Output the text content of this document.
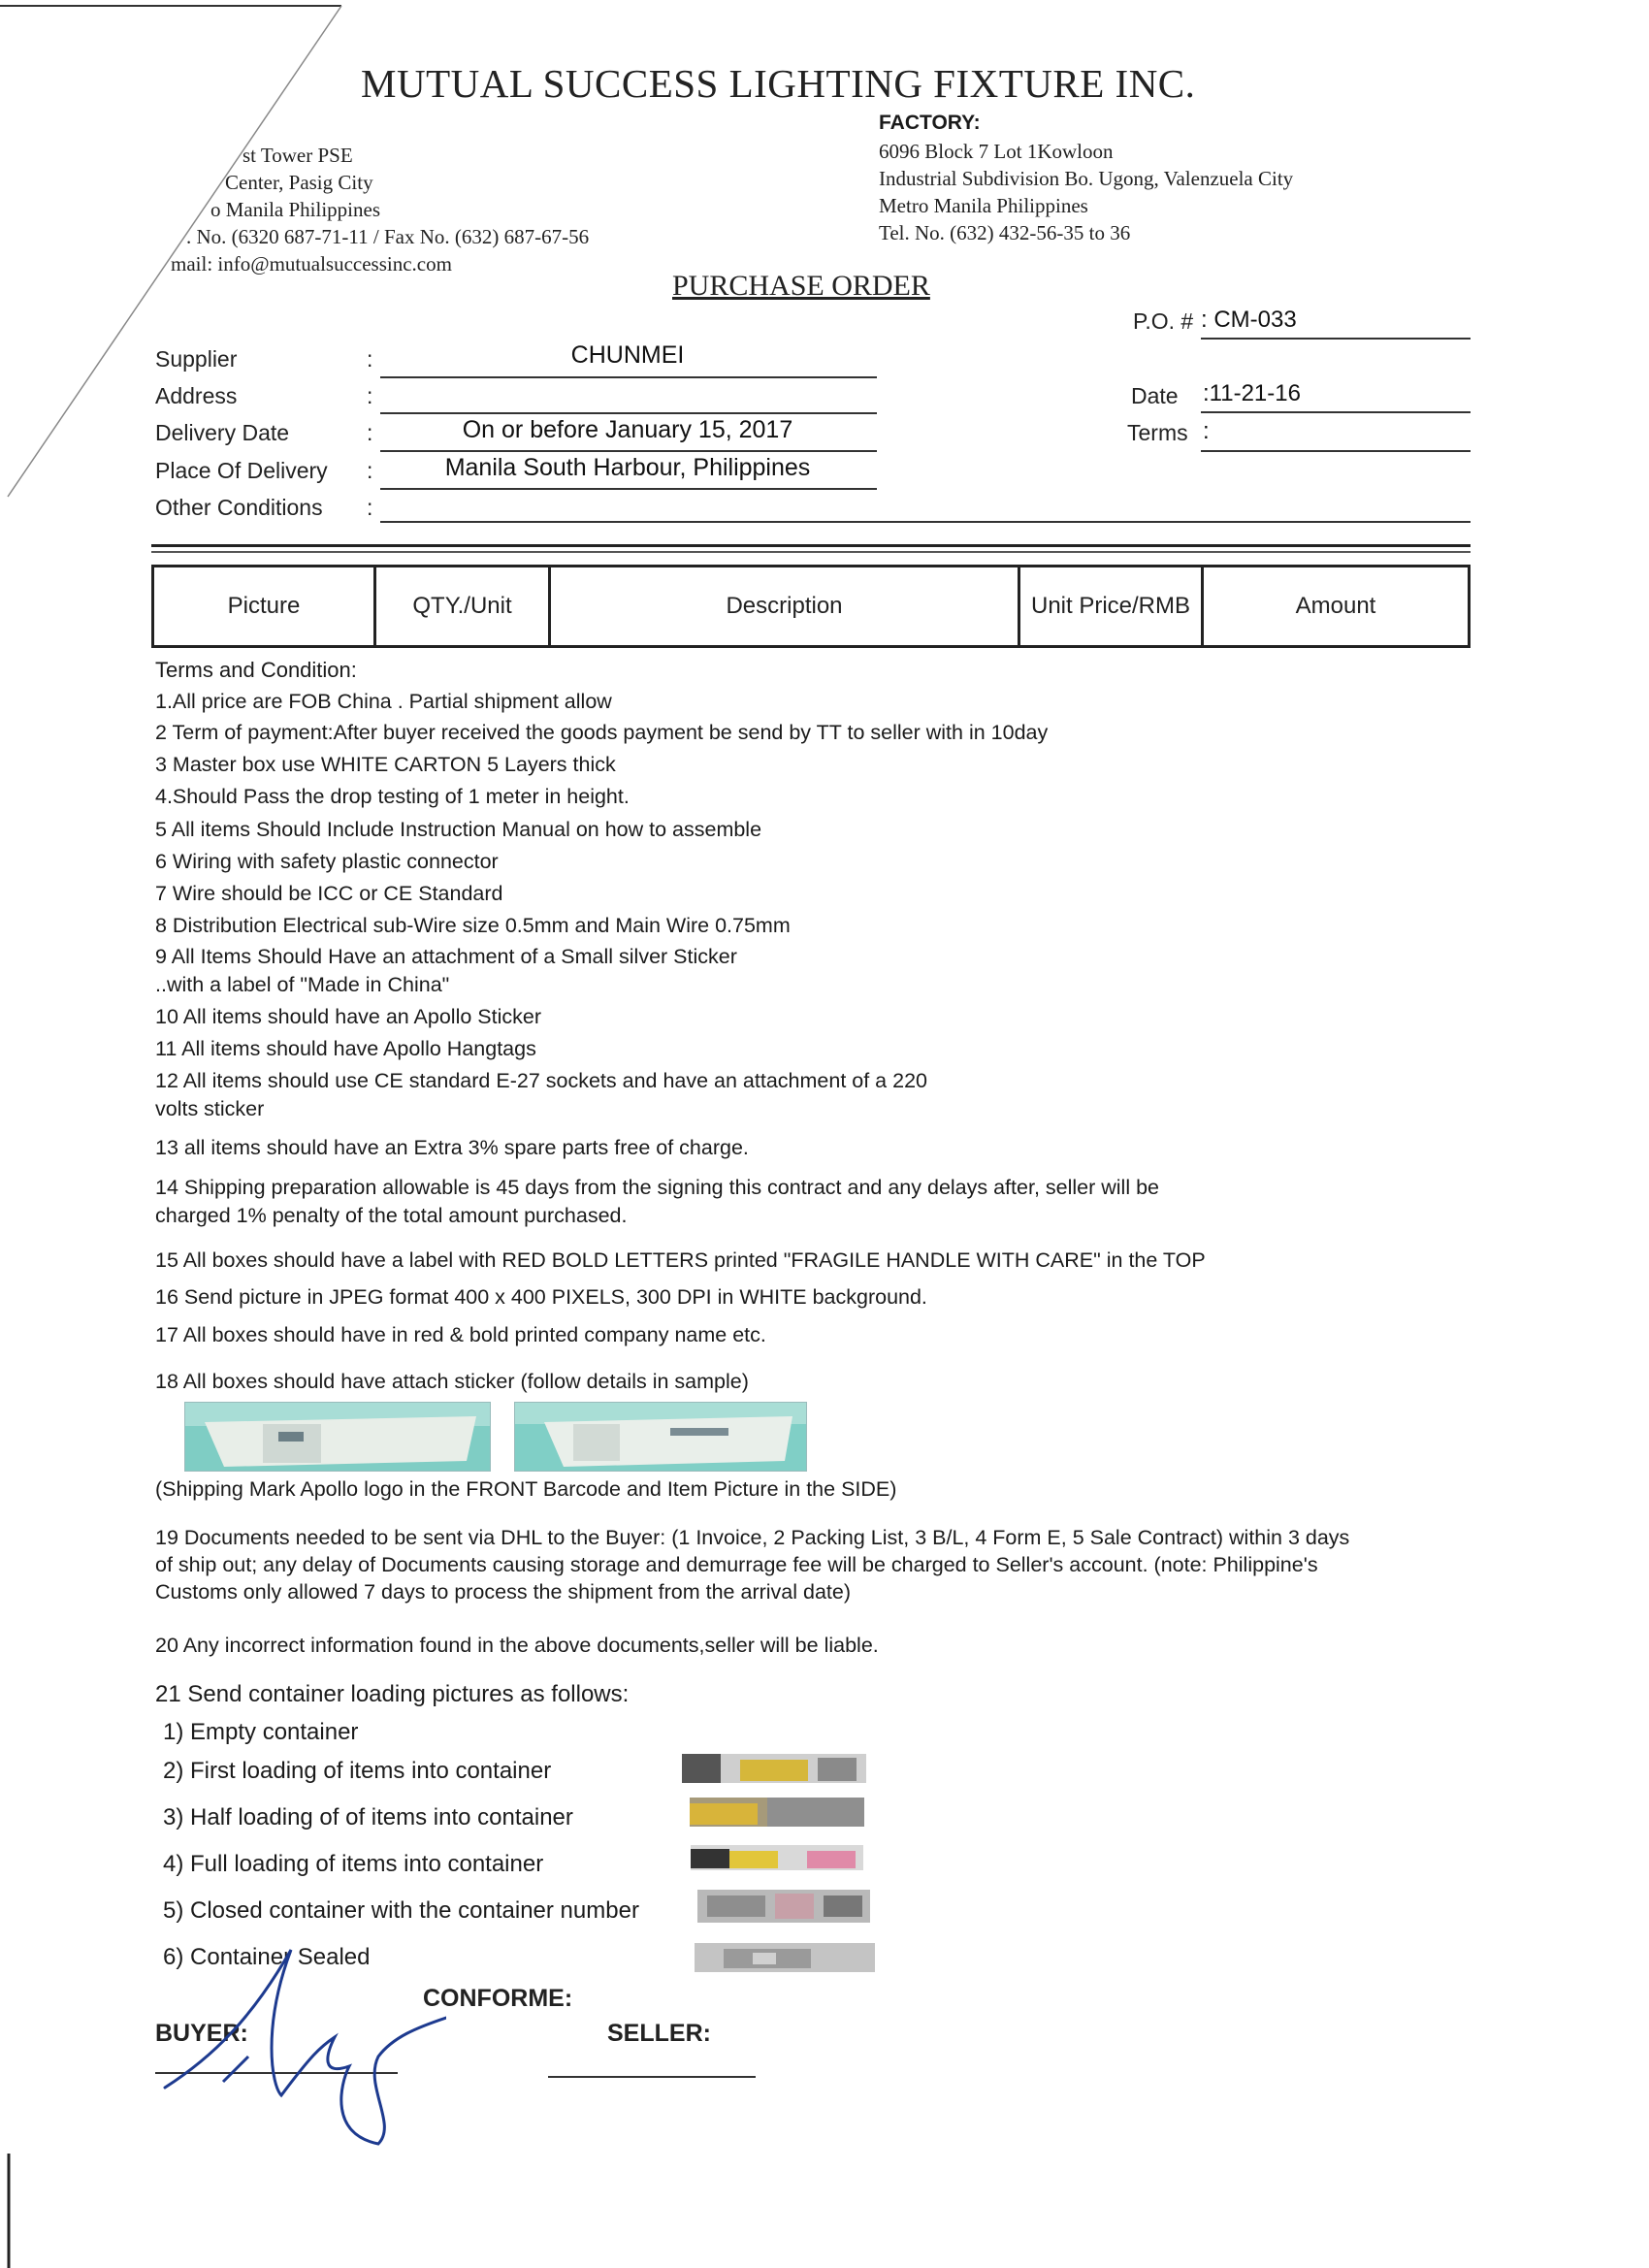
MUTUAL SUCCESS LIGHTING FIXTURE INC.
st Tower PSE
Center, Pasig City
o Manila Philippines
. No. (6320 687-71-11 / Fax No. (632) 687-67-56
mail: info@mutualsuccessinc.com
FACTORY:
6096 Block 7 Lot 1Kowloon
Industrial Subdivision Bo. Ugong, Valenzuela City
Metro Manila Philippines
Tel. No. (632) 432-56-35 to 36
PURCHASE ORDER
Supplier	:	CHUNMEI
Address	:
Delivery Date	:	On or before January 15, 2017
Place Of Delivery :	Manila South Harbour, Philippines
Other Conditions :
P.O. # : CM-033
Date :11-21-16
Terms :
Picture	QTY./Unit	Description	Unit Price/RMB	Amount
Terms and Condition:
1.All price are FOB China . Partial shipment allow
2 Term of payment:After buyer received the goods payment be send by TT to seller with in 10day
3 Master box use WHITE CARTON 5 Layers thick
4.Should Pass the drop testing of 1 meter in height.
5 All items Should Include Instruction Manual on how to assemble
6 Wiring with safety plastic connector
7 Wire should be ICC or CE Standard
8 Distribution Electrical sub-Wire size 0.5mm and Main Wire 0.75mm
9 All Items Should Have an attachment of a Small silver Sticker
..with a label of "Made in China"
10 All items should have an Apollo Sticker
11 All items should have Apollo Hangtags
12 All items should use CE standard E-27 sockets and have an attachment of a 220
volts sticker
13 all items should have an Extra 3% spare parts free of charge.
14 Shipping preparation allowable is 45 days from the signing this contract and any delays after, seller will be
charged 1% penalty of the total amount purchased.
15 All boxes should have a label with RED BOLD LETTERS printed "FRAGILE HANDLE WITH CARE" in the TOP
16 Send picture in JPEG format 400 x 400 PIXELS, 300 DPI in WHITE background.
17 All boxes should have in red & bold printed company name etc.
18 All boxes should have attach sticker (follow details in sample)
(Shipping Mark Apollo logo in the FRONT Barcode and Item Picture in the SIDE)
19 Documents needed to be sent via DHL to the Buyer: (1 Invoice, 2 Packing List, 3 B/L, 4 Form E, 5 Sale Contract) within 3 days
of ship out; any delay of Documents causing storage and demurrage fee will be charged to Seller's account. (note: Philippine's
Customs only allowed 7 days to process the shipment from the arrival date)
20 Any incorrect information found in the above documents,seller will be liable.
21 Send container loading pictures as follows:
1) Empty container
2) First loading of items into container
3) Half loading of of items into container
4) Full loading of items into container
5) Closed container with the container number
6) Container Sealed
CONFORME:
BUYER:	SELLER:
